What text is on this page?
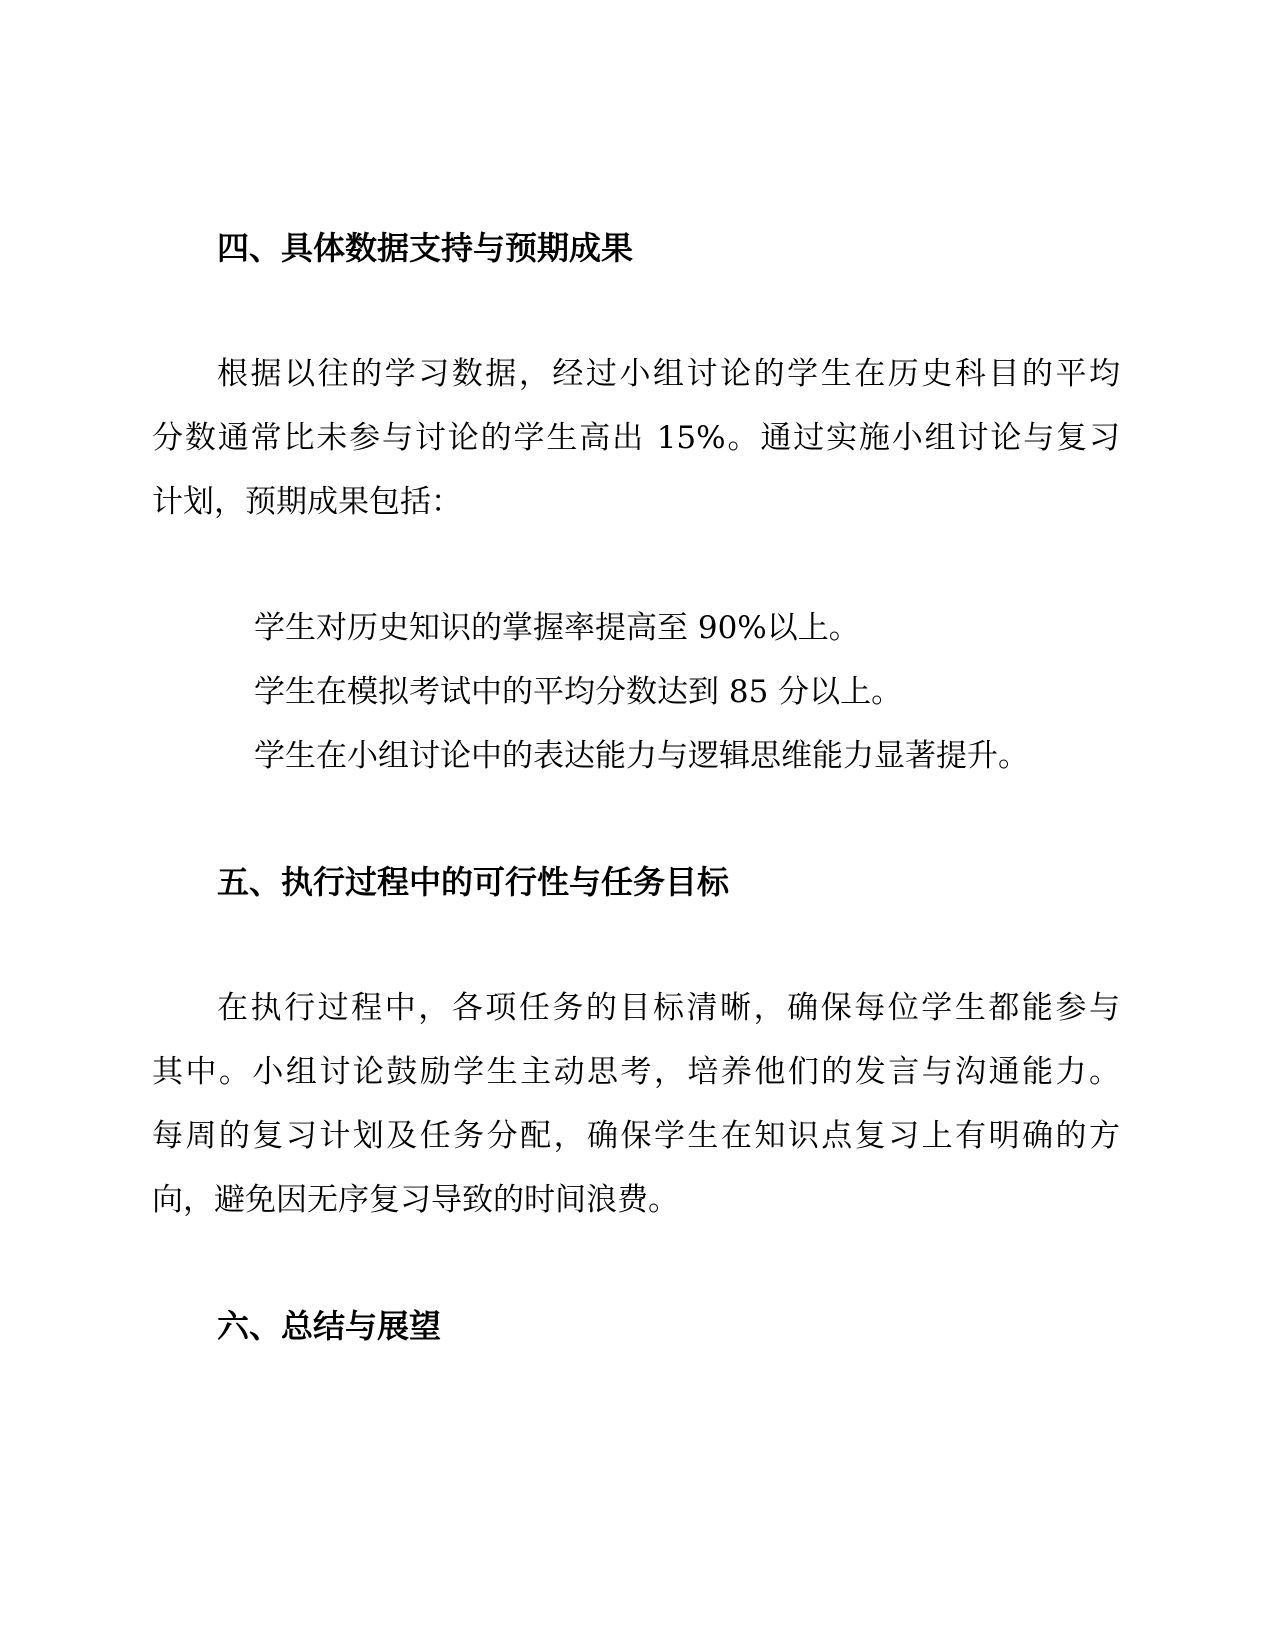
四、具体数据支持与预期成果
根据以往的学习数据，经过小组讨论的学生在历史科目的平均
分数通常比未参与讨论的学生高出 15%。通过实施小组讨论与复习
计划，预期成果包括：
学生对历史知识的掌握率提高至 90%以上。
学生在模拟考试中的平均分数达到 85 分以上。
学生在小组讨论中的表达能力与逻辑思维能力显著提升。
五、执行过程中的可行性与任务目标
在执行过程中，各项任务的目标清晰，确保每位学生都能参与
其中。小组讨论鼓励学生主动思考，培养他们的发言与沟通能力。
每周的复习计划及任务分配，确保学生在知识点复习上有明确的方
向，避免因无序复习导致的时间浪费。
六、总结与展望
